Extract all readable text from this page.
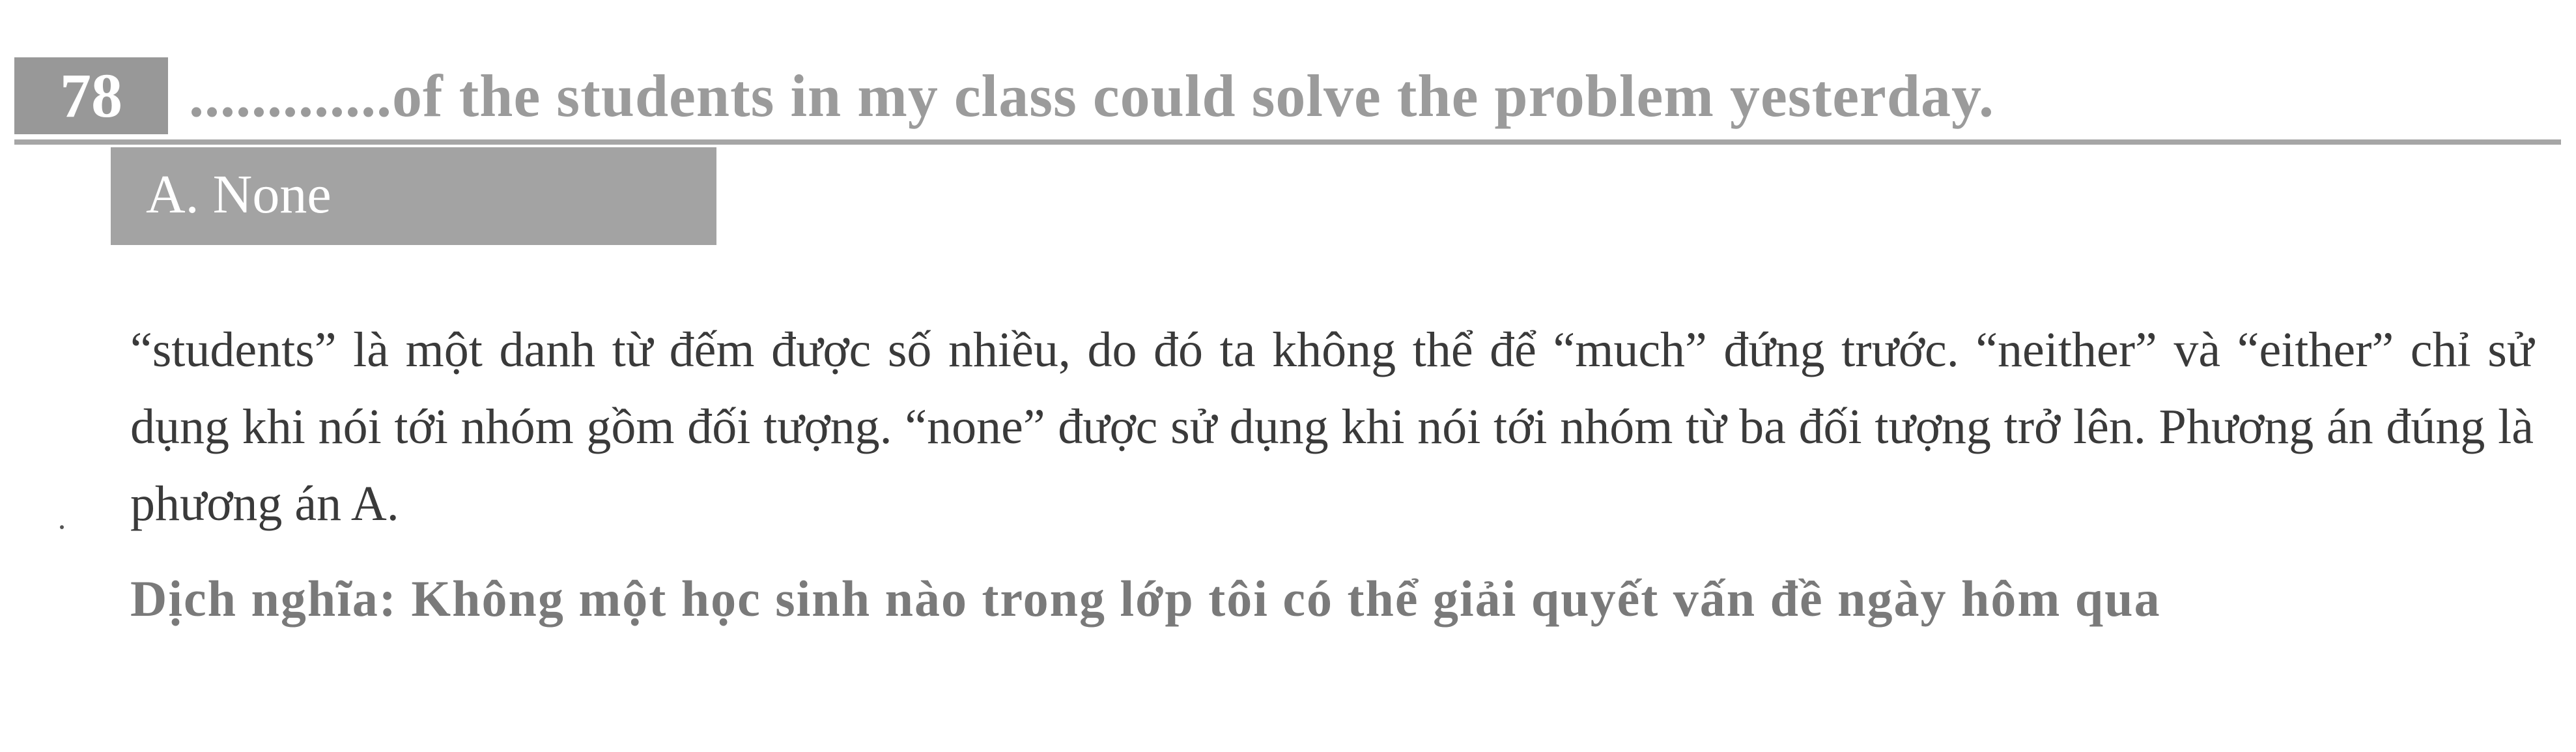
78	.............of the students in my class could solve the problem yesterday.
A. None

“students” là một danh từ đếm được số nhiều, do đó ta không thể để “much” đứng trước. “neither” và “either” chỉ sử dụng khi nói tới nhóm gồm đối tượng. “none” được sử dụng khi nói tới nhóm từ ba đối tượng trở lên. Phương án đúng là phương án A.

Dịch nghĩa: Không một học sinh nào trong lớp tôi có thể giải quyết vấn đề ngày hôm qua
